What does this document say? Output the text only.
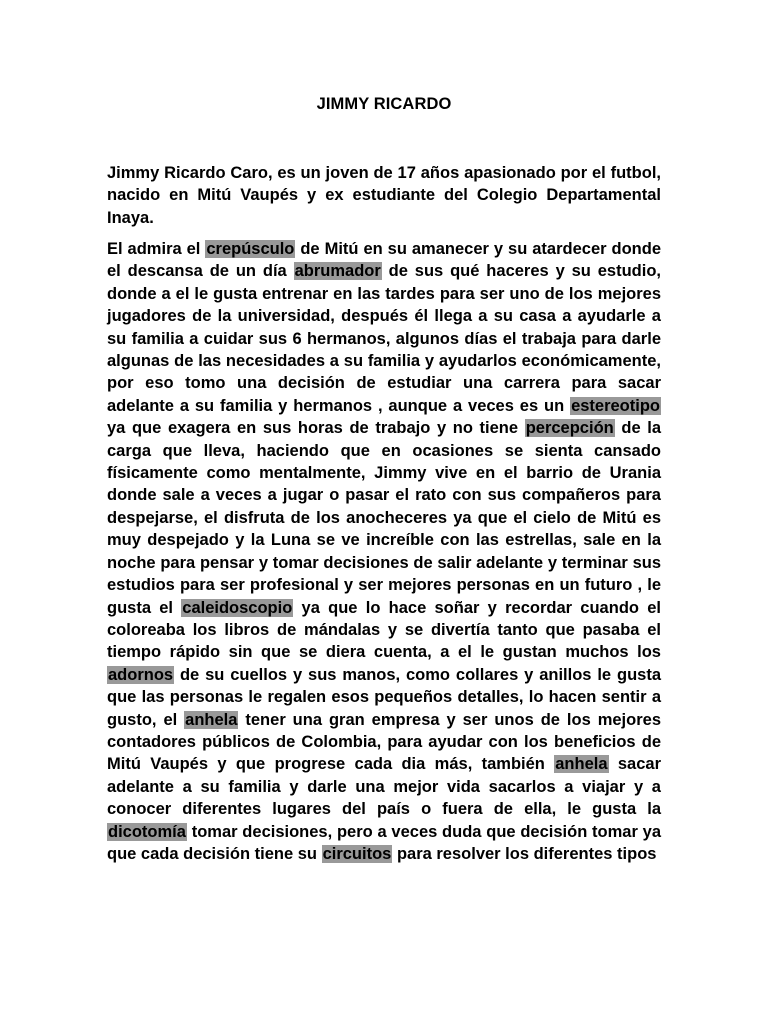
JIMMY RICARDO

Jimmy Ricardo Caro, es un joven de 17 años apasionado por el futbol, nacido en Mitú Vaupés y ex estudiante del Colegio Departamental Inaya.

El admira el crepúsculo de Mitú en su amanecer y su atardecer donde el descansa de un día abrumador de sus qué haceres y su estudio, donde a el le gusta entrenar en las tardes para ser uno de los mejores jugadores de la universidad, después él llega a su casa a ayudarle a su familia a cuidar sus 6 hermanos, algunos días el trabaja para darle algunas de las necesidades a su familia y ayudarlos económicamente, por eso tomo una decisión de estudiar una carrera para sacar adelante a su familia y hermanos , aunque a veces es un estereotipo ya que exagera en sus horas de trabajo y no tiene percepción de la carga que lleva, haciendo que en ocasiones se sienta cansado físicamente como mentalmente, Jimmy vive en el barrio de Urania donde sale a veces a jugar o pasar el rato con sus compañeros para despejarse, el disfruta de los anocheceres ya que el cielo de Mitú es muy despejado y la Luna se ve increíble con las estrellas, sale en la noche para pensar y tomar decisiones de salir adelante y terminar sus estudios para ser profesional y ser mejores personas en un futuro , le gusta el caleidoscopio ya que lo hace soñar y recordar cuando el coloreaba los libros de mándalas y se divertía tanto que pasaba el tiempo rápido sin que se diera cuenta, a el le gustan muchos los adornos de su cuellos y sus manos, como collares y anillos le gusta que las personas le regalen esos pequeños detalles, lo hacen sentir a gusto, el anhela tener una gran empresa y ser unos de los mejores contadores públicos de Colombia, para ayudar con los beneficios de Mitú Vaupés y que progrese cada dia más, también anhela sacar adelante a su familia y darle una mejor vida sacarlos a viajar y a conocer diferentes lugares del país o fuera de ella, le gusta la dicotomía tomar decisiones, pero a veces duda que decisión tomar ya que cada decisión tiene su circuitos para resolver los diferentes tipos
